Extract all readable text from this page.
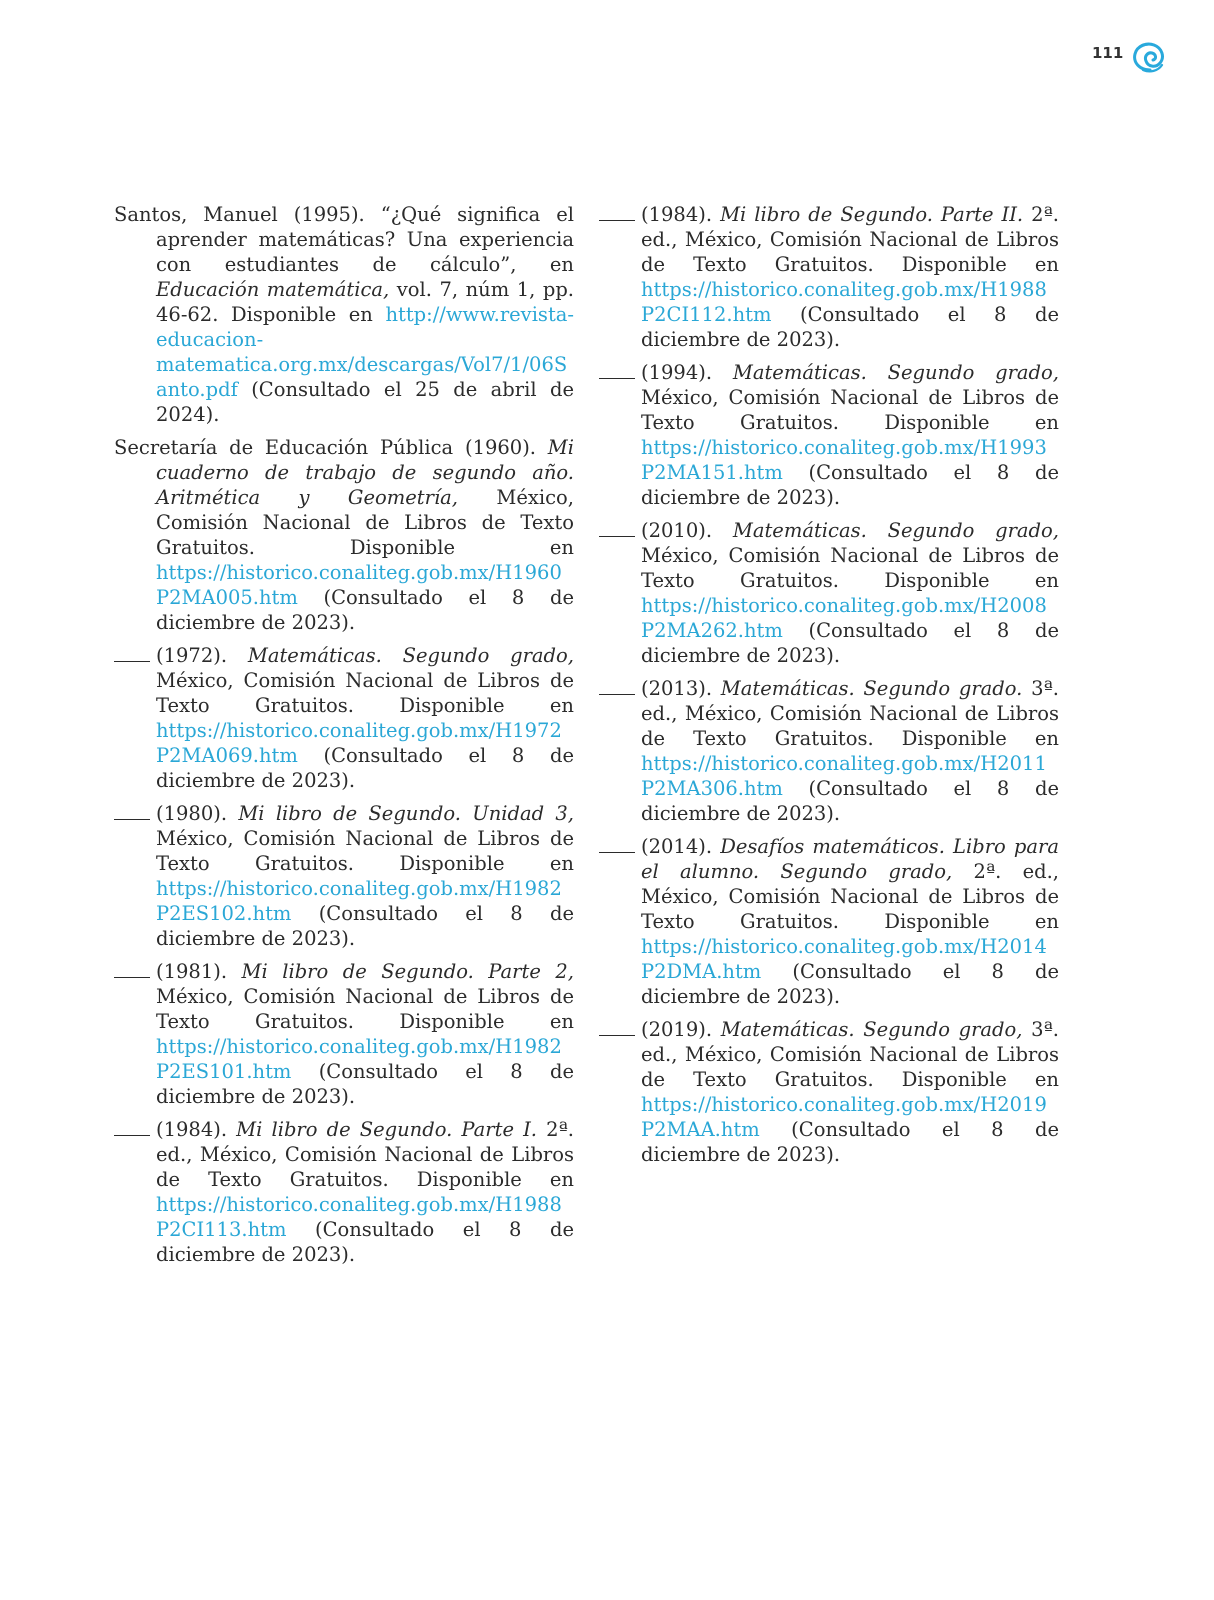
111

Santos, Manuel (1995). “¿Qué significa el aprender matemáticas? Una experiencia con estudiantes de cálculo”, en Educación matemática, vol. 7, núm 1, pp. 46-62. Disponible en http://www.revista-educacion-matematica.org.mx/descargas/Vol7/1/06Santo.pdf (Consultado el 25 de abril de 2024).

Secretaría de Educación Pública (1960). Mi cuaderno de trabajo de segundo año. Aritmética y Geometría, México, Comisión Nacional de Libros de Texto Gratuitos. Disponible en https://historico.conaliteg.gob.mx/H1960P2MA005.htm (Consultado el 8 de diciembre de 2023).

(1972). Matemáticas. Segundo grado, México, Comisión Nacional de Libros de Texto Gratuitos. Disponible en https://historico.conaliteg.gob.mx/H1972P2MA069.htm (Consultado el 8 de diciembre de 2023).

(1980). Mi libro de Segundo. Unidad 3, México, Comisión Nacional de Libros de Texto Gratuitos. Disponible en https://historico.conaliteg.gob.mx/H1982P2ES102.htm (Consultado el 8 de diciembre de 2023).

(1981). Mi libro de Segundo. Parte 2, México, Comisión Nacional de Libros de Texto Gratuitos. Disponible en https://historico.conaliteg.gob.mx/H1982P2ES101.htm (Consultado el 8 de diciembre de 2023).

(1984). Mi libro de Segundo. Parte I. 2ª. ed., México, Comisión Nacional de Libros de Texto Gratuitos. Disponible en https://historico.conaliteg.gob.mx/H1988P2CI113.htm (Consultado el 8 de diciembre de 2023).

(1984). Mi libro de Segundo. Parte II. 2ª. ed., México, Comisión Nacional de Libros de Texto Gratuitos. Disponible en https://historico.conaliteg.gob.mx/H1988P2CI112.htm (Consultado el 8 de diciembre de 2023).

(1994). Matemáticas. Segundo grado, México, Comisión Nacional de Libros de Texto Gratuitos. Disponible en https://historico.conaliteg.gob.mx/H1993P2MA151.htm (Consultado el 8 de diciembre de 2023).

(2010). Matemáticas. Segundo grado, México, Comisión Nacional de Libros de Texto Gratuitos. Disponible en https://historico.conaliteg.gob.mx/H2008P2MA262.htm (Consultado el 8 de diciembre de 2023).

(2013). Matemáticas. Segundo grado. 3ª. ed., México, Comisión Nacional de Libros de Texto Gratuitos. Disponible en https://historico.conaliteg.gob.mx/H2011P2MA306.htm (Consultado el 8 de diciembre de 2023).

(2014). Desafíos matemáticos. Libro para el alumno. Segundo grado, 2ª. ed., México, Comisión Nacional de Libros de Texto Gratuitos. Disponible en https://historico.conaliteg.gob.mx/H2014P2DMA.htm (Consultado el 8 de diciembre de 2023).

(2019). Matemáticas. Segundo grado, 3ª. ed., México, Comisión Nacional de Libros de Texto Gratuitos. Disponible en https://historico.conaliteg.gob.mx/H2019P2MAA.htm (Consultado el 8 de diciembre de 2023).
